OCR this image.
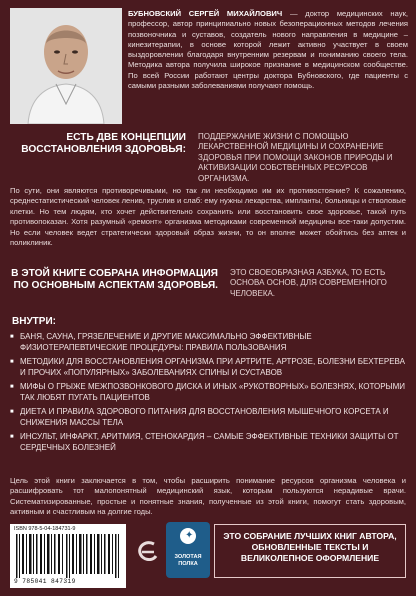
БУБНОВСКИЙ СЕРГЕЙ МИХАЙЛОВИЧ — доктор медицинских наук, профессор, автор принципиально новых безоперационных методов лечения позвоночника и суставов, создатель нового направления в медицине – кинезитерапии, в основе которой лежит активно участвует в своем выздоровлении благодаря внутренним резервам и пониманию своего тела. Методика автора получила широкое признание в медицинском сообществе. По всей России работают центры доктора Бубновского, где пациенты с самыми разными заболеваниями получают помощь.
ЕСТЬ ДВЕ КОНЦЕПЦИИ ВОССТАНОВЛЕНИЯ ЗДОРОВЬЯ:
ПОДДЕРЖАНИЕ ЖИЗНИ С ПОМОЩЬЮ ЛЕКАРСТВЕННОЙ МЕДИЦИНЫ И СОХРАНЕНИЕ ЗДОРОВЬЯ ПРИ ПОМОЩИ ЗАКОНОВ ПРИРОДЫ И АКТИВИЗАЦИИ СОБСТВЕННЫХ РЕСУРСОВ ОРГАНИЗМА.
По сути, они являются противоречивыми, но так ли необходимо им их противостояние? К сожалению, среднестатистический человек ленив, труслив и слаб: ему нужны лекарства, импланты, больницы и стволовые клетки. Но тем людям, кто хочет действительно сохранить или восстановить свое здоровье, такой путь противопоказан. Хотя разумный «ремонт» организма методиками современной медицины все-таки допустим. Но если человек ведет стратегически здоровый образ жизни, то он вполне может обойтись без аптек и поликлиник.
В ЭТОЙ КНИГЕ СОБРАНА ИНФОРМАЦИЯ ПО ОСНОВНЫМ АСПЕКТАМ ЗДОРОВЬЯ.
ЭТО СВОЕОБРАЗНАЯ АЗБУКА, ТО ЕСТЬ ОСНОВА ОСНОВ, ДЛЯ СОВРЕМЕННОГО ЧЕЛОВЕКА.
ВНУТРИ:
■ БАНЯ, САУНА, ГРЯЗЕЛЕЧЕНИЕ И ДРУГИЕ МАКСИМАЛЬНО ЭФФЕКТИВНЫЕ ФИЗИОТЕРАПЕВТИЧЕСКИЕ ПРОЦЕДУРЫ: ПРАВИЛА ПОЛЬЗОВАНИЯ
■ МЕТОДИКИ ДЛЯ ВОССТАНОВЛЕНИЯ ОРГАНИЗМА ПРИ АРТРИТЕ, АРТРОЗЕ, БОЛЕЗНИ БЕХТЕРЕВА И ПРОЧИХ «ПОПУЛЯРНЫХ» ЗАБОЛЕВАНИЯХ СПИНЫ И СУСТАВОВ
■ МИФЫ О ГРЫЖЕ МЕЖПОЗВОНКОВОГО ДИСКА И ИНЫХ «РУКОТВОРНЫХ» БОЛЕЗНЯХ, КОТОРЫМИ ТАК ЛЮБЯТ ПУГАТЬ ПАЦИЕНТОВ
■ ДИЕТА И ПРАВИЛА ЗДОРОВОГО ПИТАНИЯ ДЛЯ ВОССТАНОВЛЕНИЯ МЫШЕЧНОГО КОРСЕТА И СНИЖЕНИЯ МАССЫ ТЕЛА
■ ИНСУЛЬТ, ИНФАРКТ, АРИТМИЯ, СТЕНОКАРДИЯ – САМЫЕ ЭФФЕКТИВНЫЕ ТЕХНИКИ ЗАЩИТЫ ОТ СЕРДЕЧНЫХ БОЛЕЗНЕЙ
Цель этой книги заключается в том, чтобы расширить понимание ресурсов организма человека и расшифровать тот малопонятный медицинский язык, которым пользуются нерадивые врачи. Систематизированные, простые и понятные знания, полученные из этой книги, помогут стать здоровым, активным и счастливым на долгие годы.
ISBN 978-5-04-184731-9
9 785041 847319
✦
ЗОЛОТАЯ
ПОЛКА
ЭТО СОБРАНИЕ ЛУЧШИХ КНИГ АВТОРА, ОБНОВЛЕННЫЕ ТЕКСТЫ И ВЕЛИКОЛЕПНОЕ ОФОРМЛЕНИЕ
